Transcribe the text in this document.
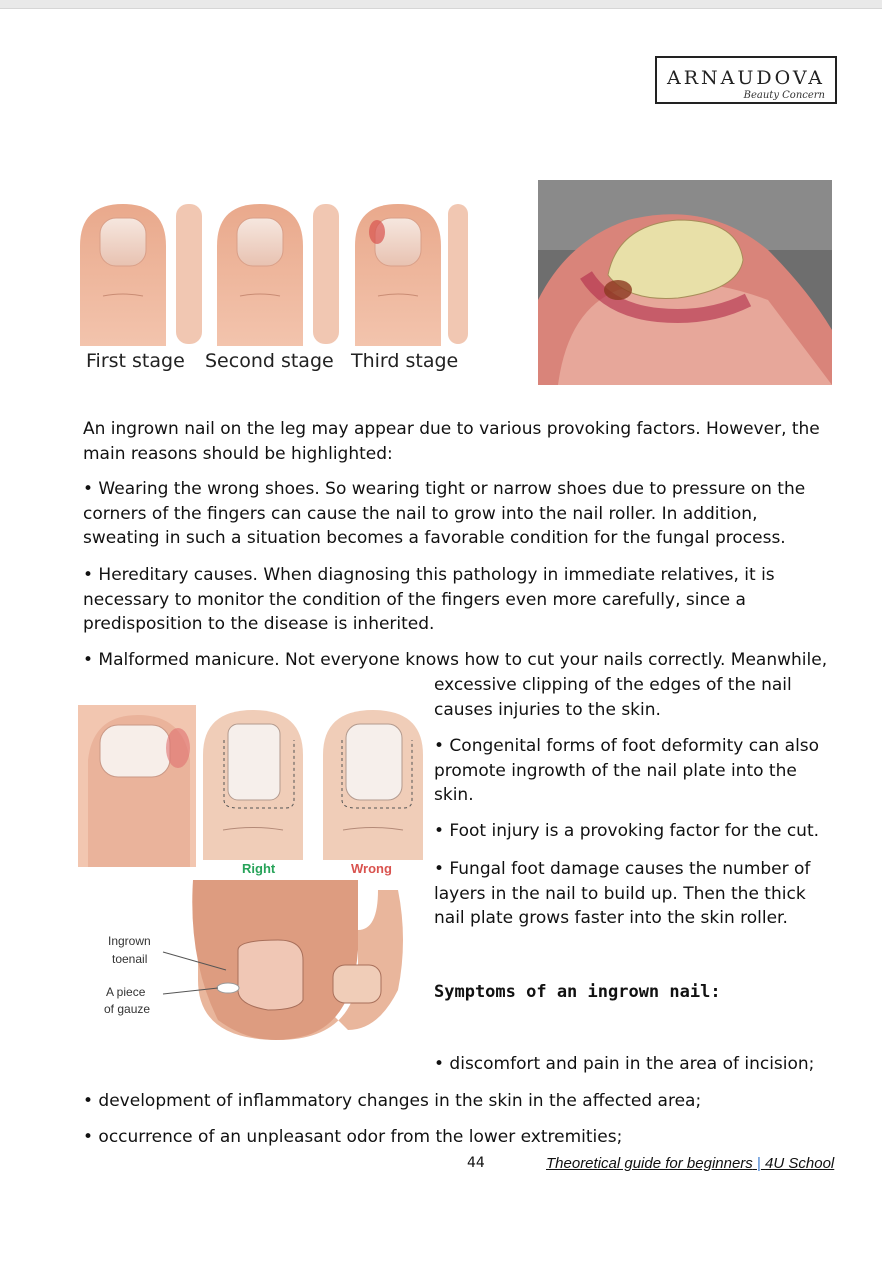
ARNAUDOVA
Beauty Concern
First stage Second stage Third stage

An ingrown nail on the leg may appear due to various provoking factors. However, the main reasons should be highlighted:

• Wearing the wrong shoes. So wearing tight or narrow shoes due to pressure on the corners of the fingers can cause the nail to grow into the nail roller. In addition, sweating in such a situation becomes a favorable condition for the fungal process.

• Hereditary causes. When diagnosing this pathology in immediate relatives, it is necessary to monitor the condition of the fingers even more carefully, since a predisposition to the disease is inherited.

• Malformed manicure. Not everyone knows how to cut your nails correctly. Meanwhile,

excessive clipping of the edges of the nail causes injuries to the skin.

• Congenital forms of foot deformity can also promote ingrowth of the nail plate into the skin.

• Foot injury is a provoking factor for the cut.

• Fungal foot damage causes the number of layers in the nail to build up. Then the thick nail plate grows faster into the skin roller.

Right	Wrong
Ingrown
toenail
A piece
of gauze

Symptoms of an ingrown nail:

• discomfort and pain in the area of incision;

• development of inflammatory changes in the skin in the affected area;

• occurrence of an unpleasant odor from the lower extremities;

44	Theoretical guide for beginners | 4U School
